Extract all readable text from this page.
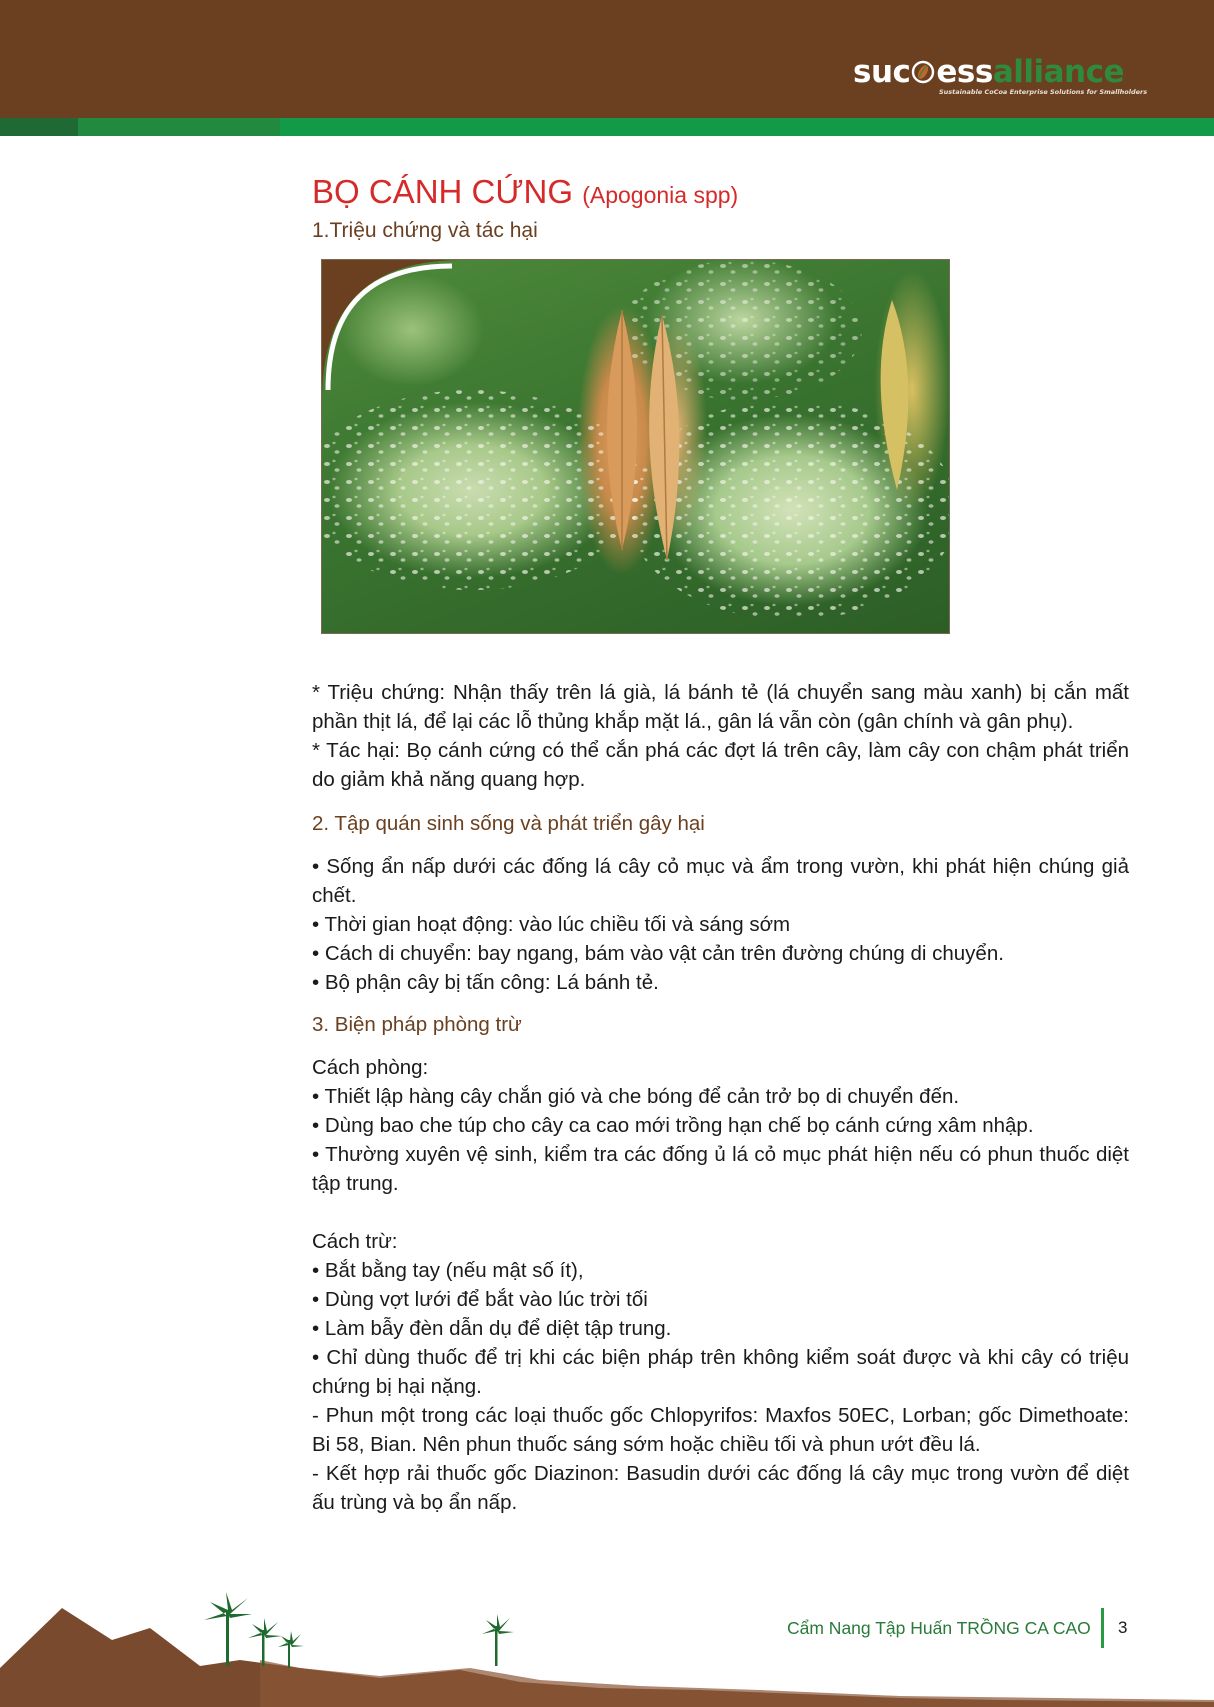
suc essalliance
Sustainable CoCoa Enterprise Solutions for Smallholders
BỌ CÁNH CỨNG (Apogonia spp)
1.Triệu chứng và tác hại

* Triệu chứng: Nhận thấy trên lá già, lá bánh tẻ (lá chuyển sang màu xanh) bị cắn mất phần thịt lá, để lại các lỗ thủng khắp mặt lá., gân lá vẫn còn (gân chính và gân phụ).

* Tác hại: Bọ cánh cứng có thể cắn phá các đợt lá trên cây, làm cây con chậm phát triển do giảm khả năng quang hợp.

2. Tập quán sinh sống và phát triển gây hại

• Sống ẩn nấp dưới các đống lá cây cỏ mục và ẩm trong vườn, khi phát hiện chúng giả chết.

• Thời gian hoạt động: vào lúc chiều tối và sáng sớm

• Cách di chuyển: bay ngang, bám vào vật cản trên đường chúng di chuyển.

• Bộ phận cây bị tấn công: Lá bánh tẻ.

3. Biện pháp phòng trừ

Cách phòng:

• Thiết lập hàng cây chắn gió và che bóng để cản trở bọ di chuyển đến.

• Dùng bao che túp cho cây ca cao mới trồng hạn chế bọ cánh cứng xâm nhập.

• Thường xuyên vệ sinh, kiểm tra các đống ủ lá cỏ mục phát hiện nếu có phun thuốc diệt tập trung.

Cách trừ:

• Bắt bằng tay (nếu mật số ít),

• Dùng vợt lưới để bắt vào lúc trời tối

• Làm bẫy đèn dẫn dụ để diệt tập trung.

• Chỉ dùng thuốc để trị khi các biện pháp trên không kiểm soát được và khi cây có triệu chứng bị hại nặng.

- Phun một trong các loại thuốc gốc Chlopyrifos: Maxfos 50EC, Lorban; gốc Dimethoate: Bi 58, Bian. Nên phun thuốc sáng sớm hoặc chiều tối và phun ướt đều lá.

- Kết hợp rải thuốc gốc Diazinon: Basudin dưới các đống lá cây mục trong vườn để diệt ấu trùng và bọ ẩn nấp.

Cẩm Nang Tập Huấn TRỒNG CA CAO 3
